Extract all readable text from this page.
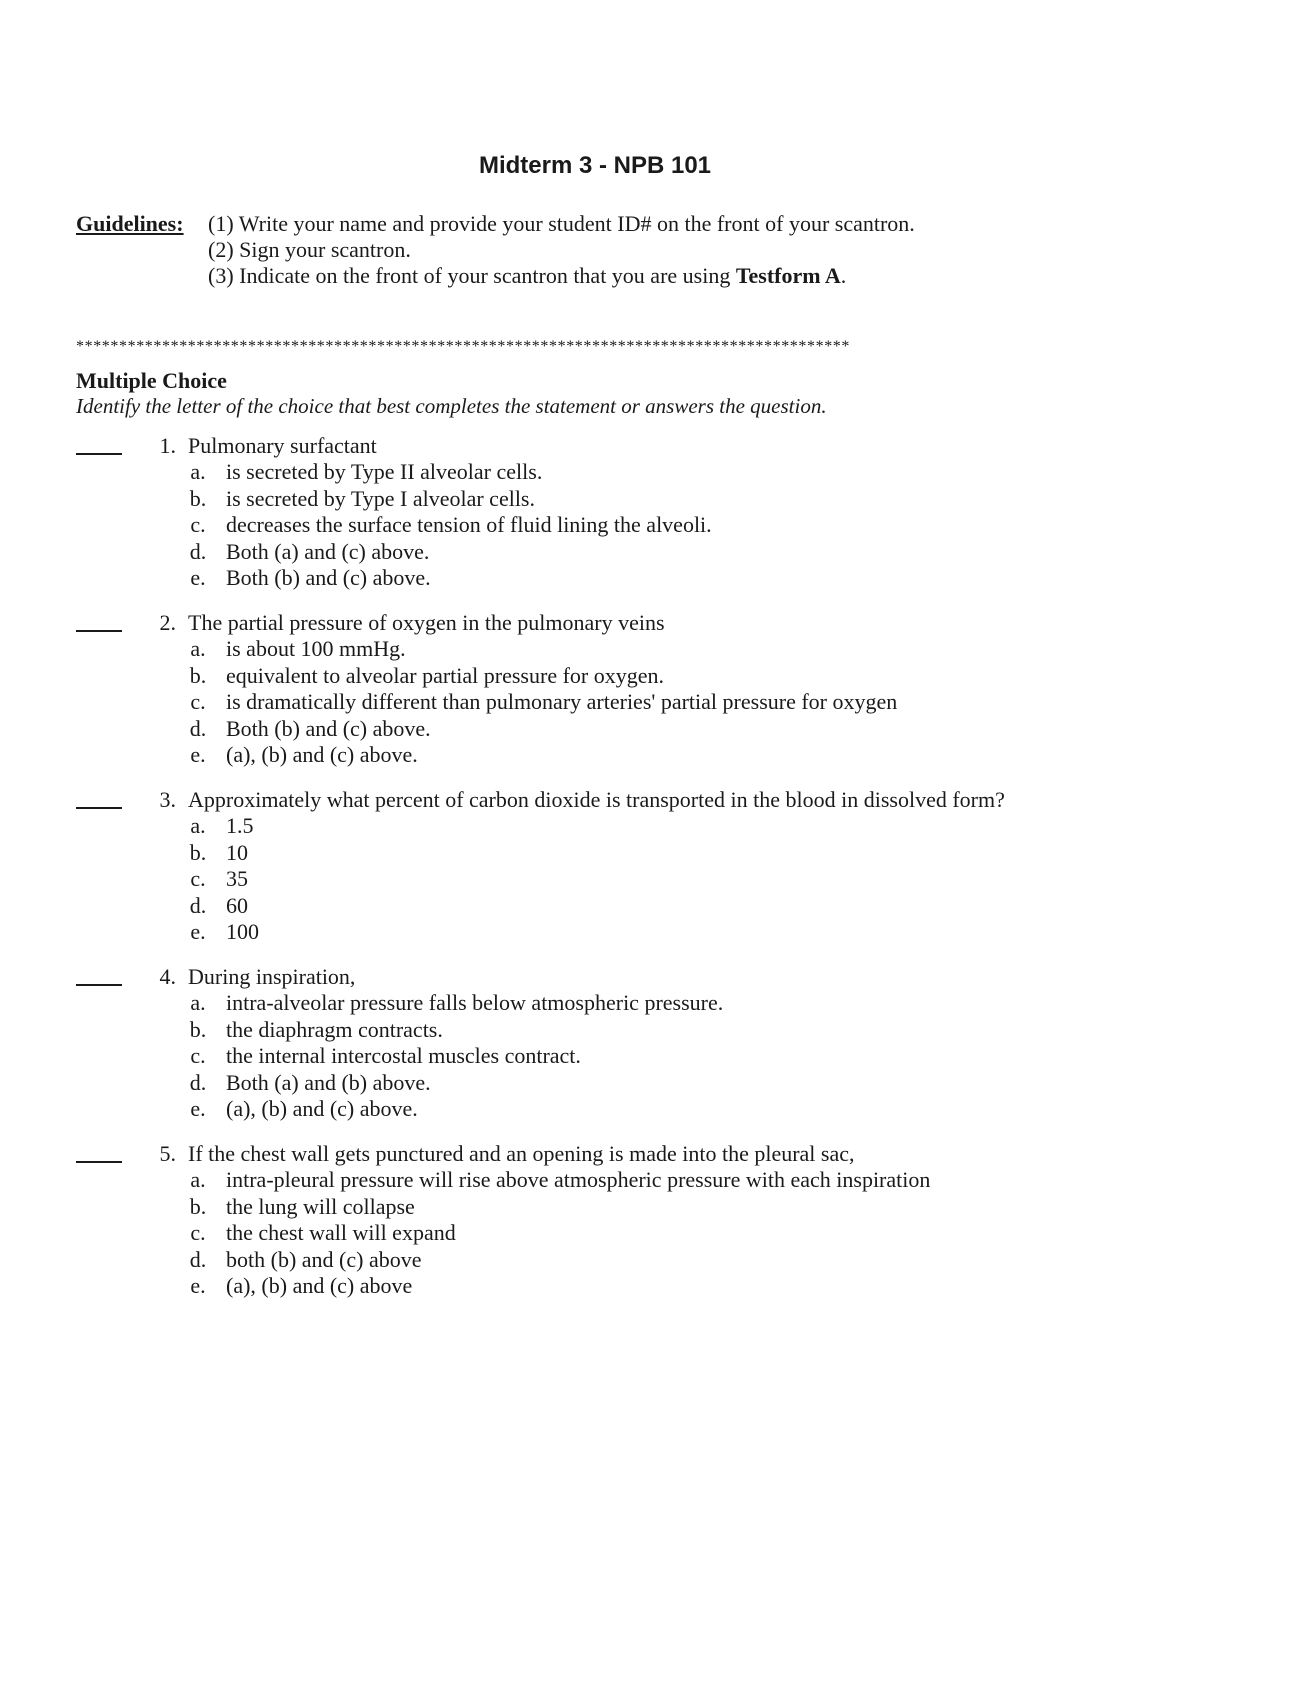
Midterm 3 - NPB 101
Guidelines: (1) Write your name and provide your student ID# on the front of your scantron.
(2) Sign your scantron.
(3) Indicate on the front of your scantron that you are using Testform A.
******************************************************************************************
Multiple Choice
Identify the letter of the choice that best completes the statement or answers the question.
1. Pulmonary surfactant
a. is secreted by Type II alveolar cells.
b. is secreted by Type I alveolar cells.
c. decreases the surface tension of fluid lining the alveoli.
d. Both (a) and (c) above.
e. Both (b) and (c) above.
2. The partial pressure of oxygen in the pulmonary veins
a. is about 100 mmHg.
b. equivalent to alveolar partial pressure for oxygen.
c. is dramatically different than pulmonary arteries' partial pressure for oxygen
d. Both (b) and (c) above.
e. (a), (b) and (c) above.
3. Approximately what percent of carbon dioxide is transported in the blood in dissolved form?
a. 1.5
b. 10
c. 35
d. 60
e. 100
4. During inspiration,
a. intra-alveolar pressure falls below atmospheric pressure.
b. the diaphragm contracts.
c. the internal intercostal muscles contract.
d. Both (a) and (b) above.
e. (a), (b) and (c) above.
5. If the chest wall gets punctured and an opening is made into the pleural sac,
a. intra-pleural pressure will rise above atmospheric pressure with each inspiration
b. the lung will collapse
c. the chest wall will expand
d. both (b) and (c) above
e. (a), (b) and (c) above
